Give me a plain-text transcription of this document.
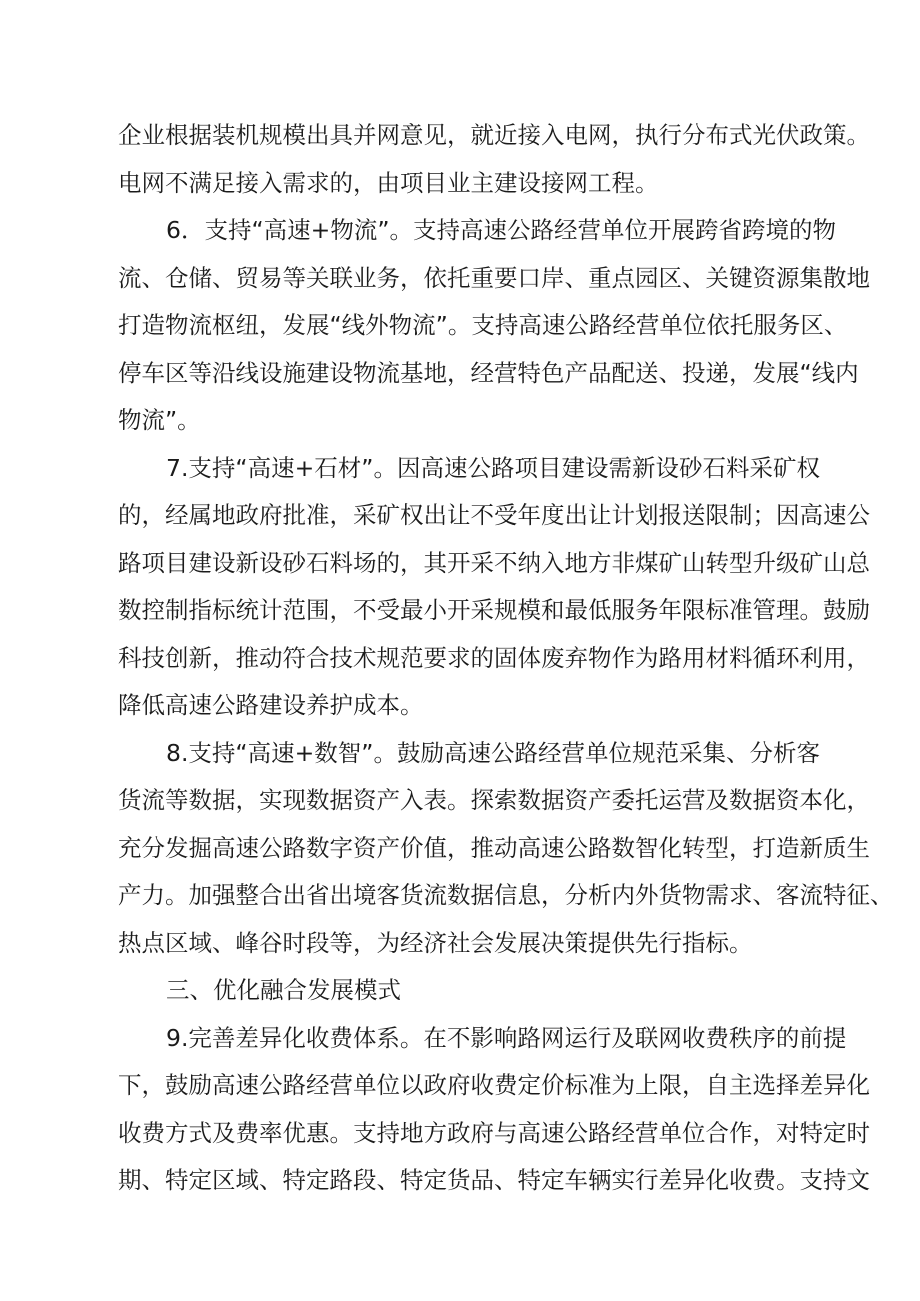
企业根据装机规模出具并网意见，就近接入电网，执行分布式光伏政策。
电网不满足接入需求的，由项目业主建设接网工程。
6．支持“高速+物流”。支持高速公路经营单位开展跨省跨境的物
流、仓储、贸易等关联业务，依托重要口岸、重点园区、关键资源集散地
打造物流枢纽，发展“线外物流”。支持高速公路经营单位依托服务区、
停车区等沿线设施建设物流基地，经营特色产品配送、投递，发展“线内
物流”。
7.支持“高速+石材”。因高速公路项目建设需新设砂石料采矿权
的，经属地政府批准，采矿权出让不受年度出让计划报送限制；因高速公
路项目建设新设砂石料场的，其开采不纳入地方非煤矿山转型升级矿山总
数控制指标统计范围，不受最小开采规模和最低服务年限标准管理。鼓励
科技创新，推动符合技术规范要求的固体废弃物作为路用材料循环利用，
降低高速公路建设养护成本。
8.支持“高速+数智”。鼓励高速公路经营单位规范采集、分析客
货流等数据，实现数据资产入表。探索数据资产委托运营及数据资本化，
充分发掘高速公路数字资产价值，推动高速公路数智化转型，打造新质生
产力。加强整合出省出境客货流数据信息，分析内外货物需求、客流特征、
热点区域、峰谷时段等，为经济社会发展决策提供先行指标。
三、优化融合发展模式
9.完善差异化收费体系。在不影响路网运行及联网收费秩序的前提
下，鼓励高速公路经营单位以政府收费定价标准为上限，自主选择差异化
收费方式及费率优惠。支持地方政府与高速公路经营单位合作，对特定时
期、特定区域、特定路段、特定货品、特定车辆实行差异化收费。支持文
